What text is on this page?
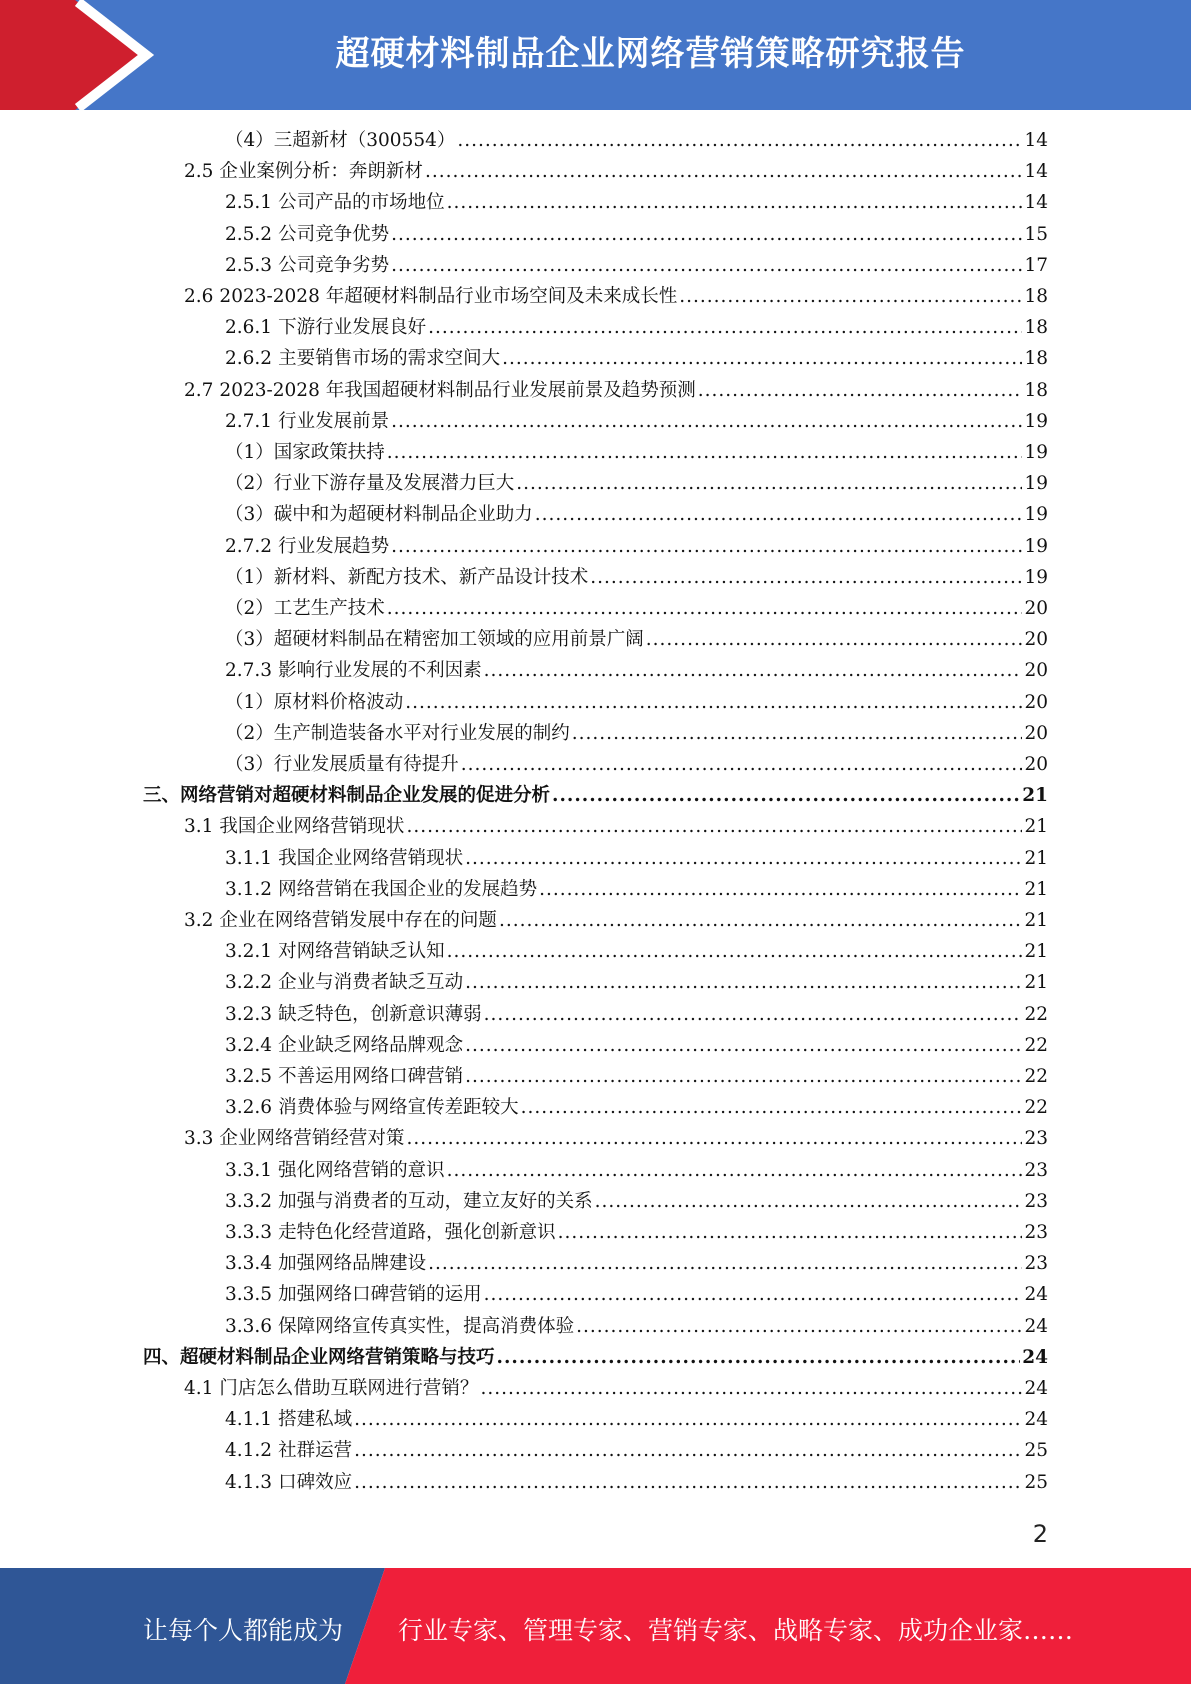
超硬材料制品企业网络营销策略研究报告
（4）三超新材（300554） .....	14
2.5 企业案例分析：奔朗新材 .....	14
2.5.1 公司产品的市场地位 .....	14
2.5.2 公司竞争优势 .....	15
2.5.3 公司竞争劣势 .....	17
2.6 2023-2028 年超硬材料制品行业市场空间及未来成长性 .....	18
2.6.1 下游行业发展良好 .....	18
2.6.2 主要销售市场的需求空间大 .....	18
2.7 2023-2028 年我国超硬材料制品行业发展前景及趋势预测 .....	18
2.7.1 行业发展前景 .....	19
（1）国家政策扶持 .....	19
（2）行业下游存量及发展潜力巨大 .....	19
（3）碳中和为超硬材料制品企业助力 .....	19
2.7.2 行业发展趋势 .....	19
（1）新材料、新配方技术、新产品设计技术 .....	19
（2）工艺生产技术 .....	20
（3）超硬材料制品在精密加工领域的应用前景广阔 .....	20
2.7.3 影响行业发展的不利因素 .....	20
（1）原材料价格波动 .....	20
（2）生产制造装备水平对行业发展的制约 .....	20
（3）行业发展质量有待提升 .....	20
三、网络营销对超硬材料制品企业发展的促进分析 .....	21
3.1 我国企业网络营销现状 .....	21
3.1.1 我国企业网络营销现状 .....	21
3.1.2 网络营销在我国企业的发展趋势 .....	21
3.2 企业在网络营销发展中存在的问题 .....	21
3.2.1 对网络营销缺乏认知 .....	21
3.2.2 企业与消费者缺乏互动 .....	21
3.2.3 缺乏特色，创新意识薄弱 .....	22
3.2.4 企业缺乏网络品牌观念 .....	22
3.2.5 不善运用网络口碑营销 .....	22
3.2.6 消费体验与网络宣传差距较大 .....	22
3.3 企业网络营销经营对策 .....	23
3.3.1 强化网络营销的意识 .....	23
3.3.2 加强与消费者的互动，建立友好的关系 .....	23
3.3.3 走特色化经营道路，强化创新意识 .....	23
3.3.4 加强网络品牌建设 .....	23
3.3.5 加强网络口碑营销的运用 .....	24
3.3.6 保障网络宣传真实性，提高消费体验 .....	24
四、超硬材料制品企业网络营销策略与技巧 .....	24
4.1 门店怎么借助互联网进行营销？ .....	24
4.1.1 搭建私域 .....	24
4.1.2 社群运营 .....	25
4.1.3 口碑效应 .....	25
2
让每个人都能成为 行业专家、管理专家、营销专家、战略专家、成功企业家……
